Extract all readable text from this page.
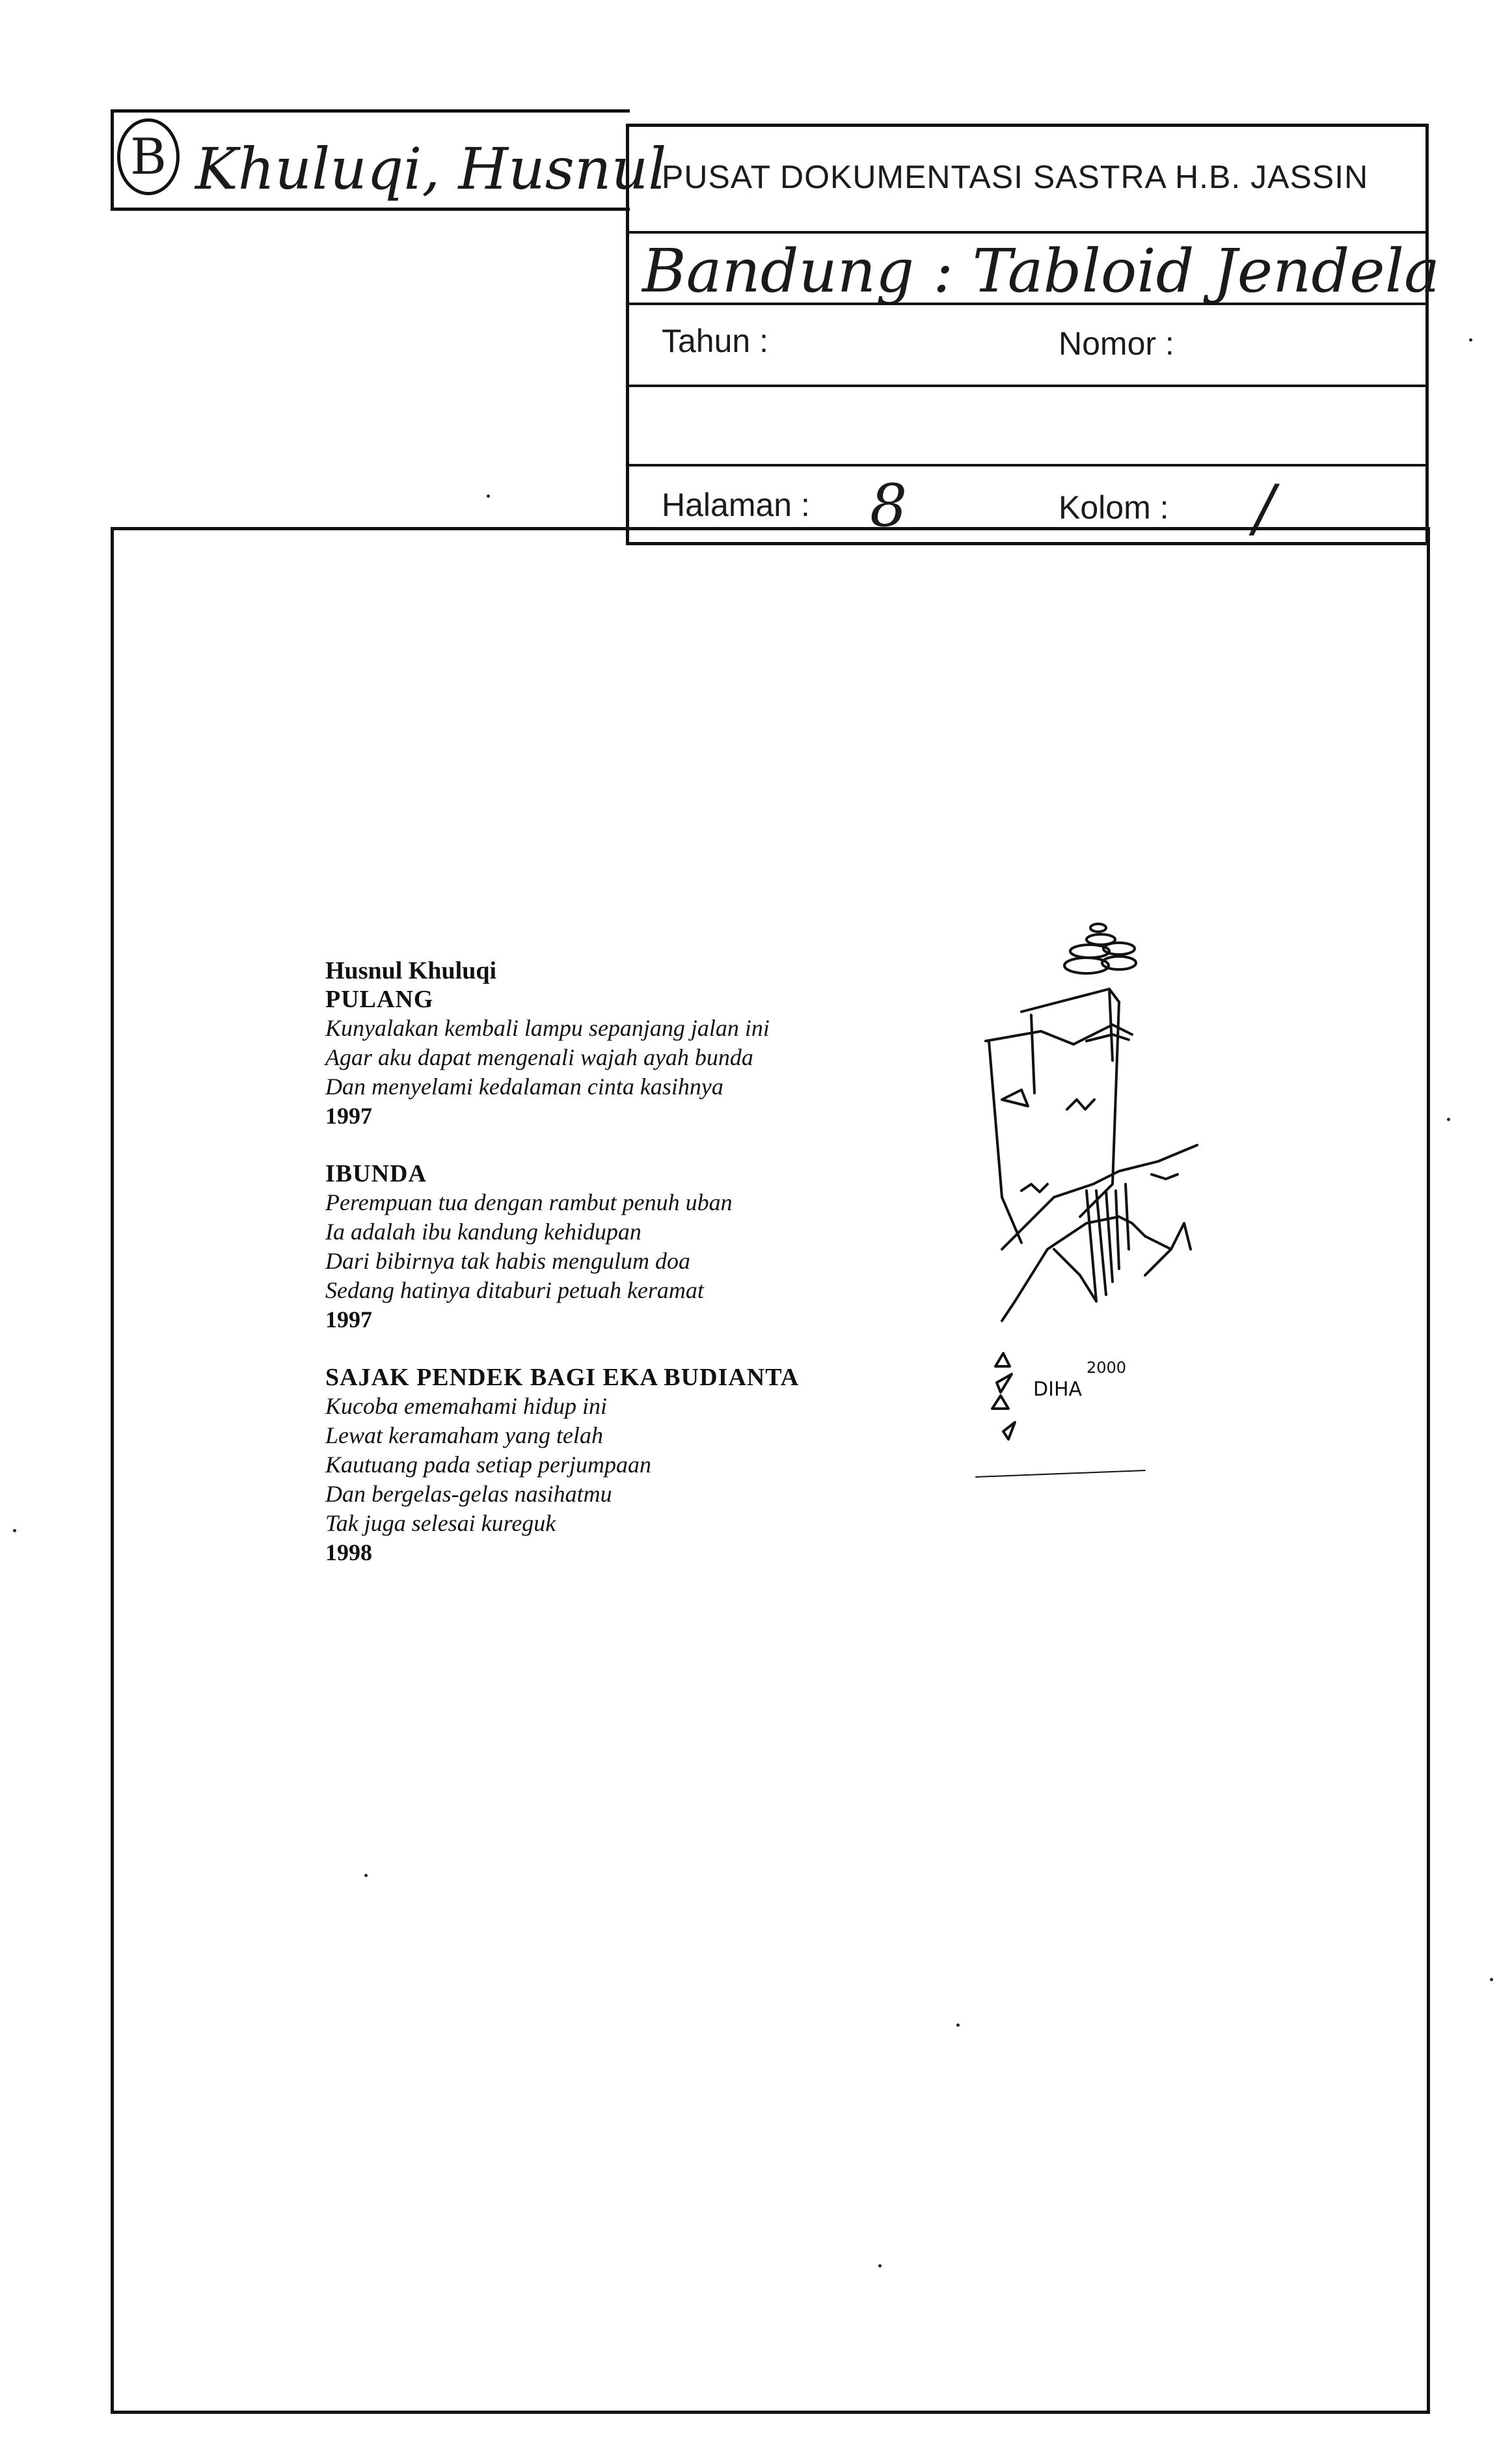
B Khuluqi, Husnul
PUSAT DOKUMENTASI SASTRA H.B. JASSIN
Bandung : Tabloid Jendela
Tahun :	Nomor :
Halaman : 8	Kolom : /
Husnul Khuluqi
PULANG
Kunyalakan kembali lampu sepanjang jalan ini
Agar aku dapat mengenali wajah ayah bunda
Dan menyelami kedalaman cinta kasihnya
1997
IBUNDA
Perempuan tua dengan rambut penuh uban
Ia adalah ibu kandung kehidupan
Dari bibirnya tak habis mengulum doa
Sedang hatinya ditaburi petuah keramat
1997
SAJAK PENDEK BAGI EKA BUDIANTA
Kucoba ememahami hidup ini
Lewat keramaham yang telah
Kautuang pada setiap perjumpaan
Dan bergelas-gelas nasihatmu
Tak juga selesai kureguk
1998
DIHA
2000
